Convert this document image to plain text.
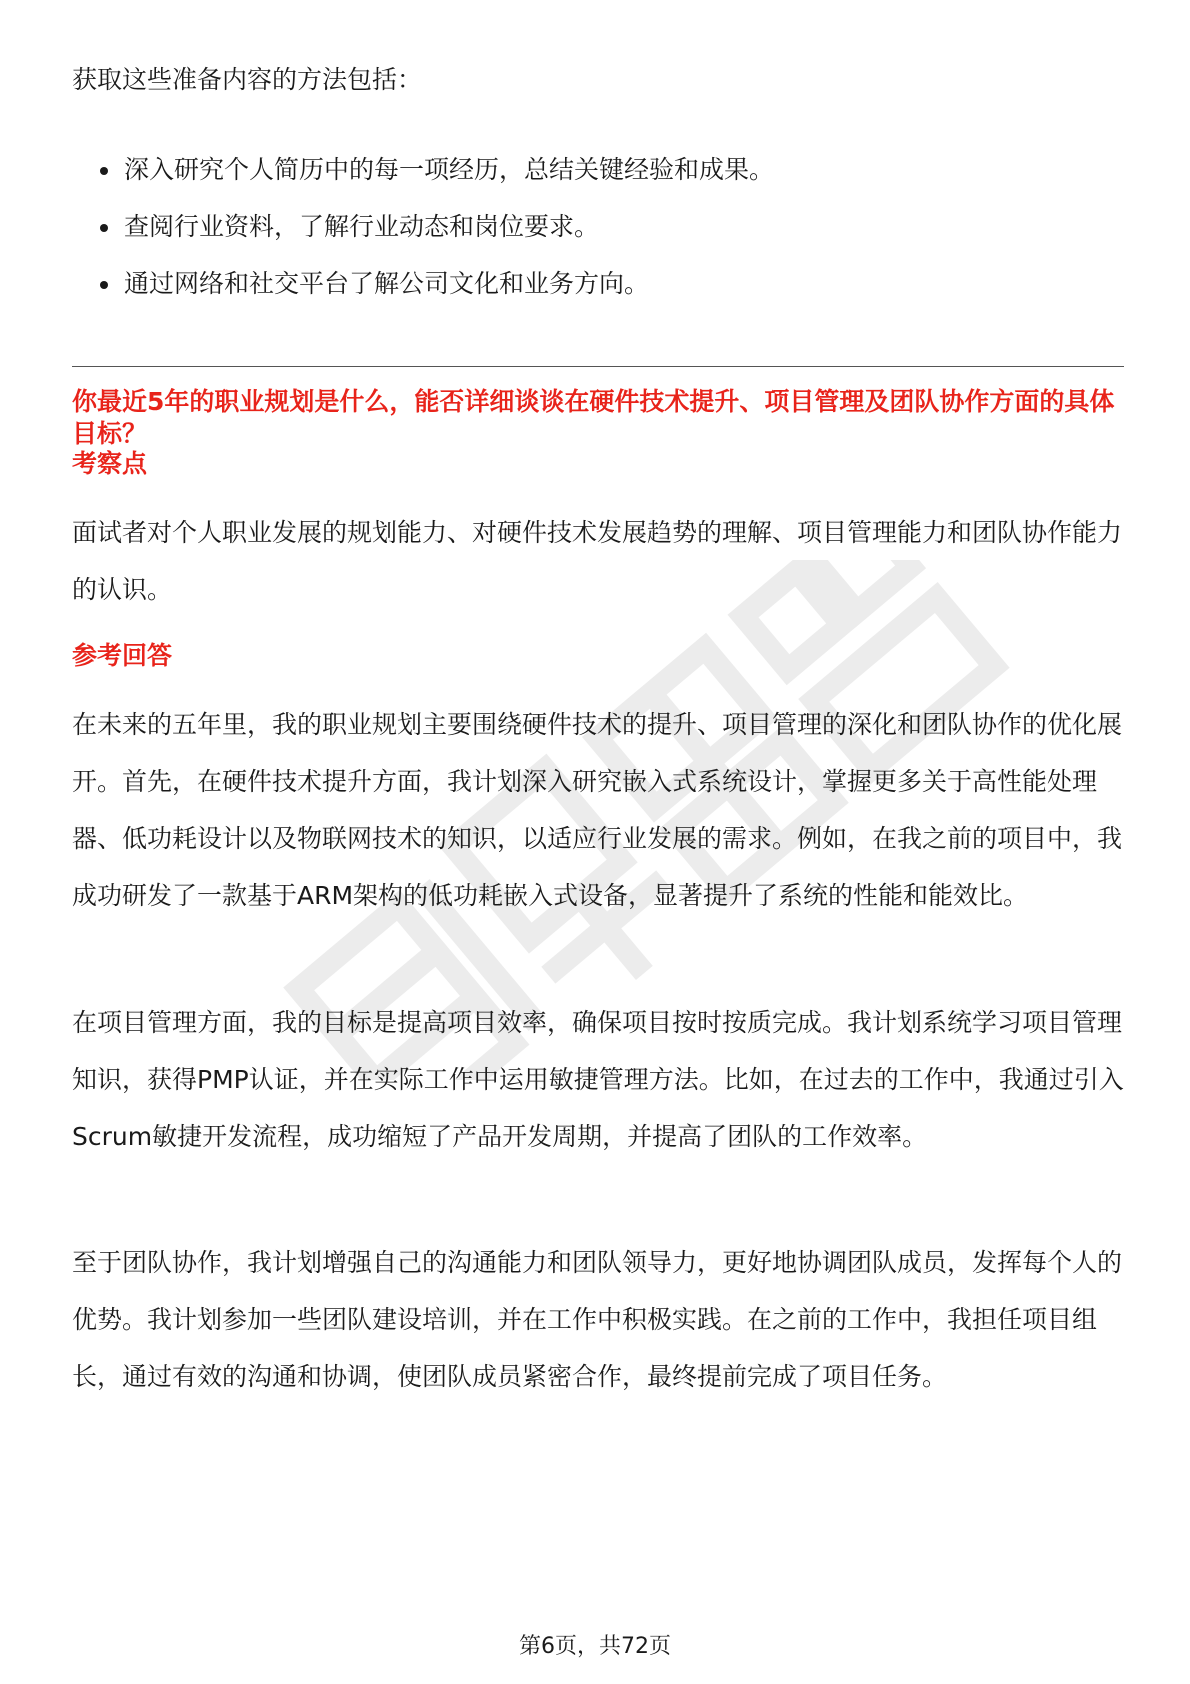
获取这些准备内容的方法包括：

深入研究个人简历中的每一项经历，总结关键经验和成果。
查阅行业资料，了解行业动态和岗位要求。
通过网络和社交平台了解公司文化和业务方向。

你最近5年的职业规划是什么，能否详细谈谈在硬件技术提升、项目管理及团队协作方面的具体目标？

考察点

面试者对个人职业发展的规划能力、对硬件技术发展趋势的理解、项目管理能力和团队协作能力的认识。

参考回答

在未来的五年里，我的职业规划主要围绕硬件技术的提升、项目管理的深化和团队协作的优化展开。首先，在硬件技术提升方面，我计划深入研究嵌入式系统设计，掌握更多关于高性能处理器、低功耗设计以及物联网技术的知识，以适应行业发展的需求。例如，在我之前的项目中，我成功研发了一款基于ARM架构的低功耗嵌入式设备，显著提升了系统的性能和能效比。

在项目管理方面，我的目标是提高项目效率，确保项目按时按质完成。我计划系统学习项目管理知识，获得PMP认证，并在实际工作中运用敏捷管理方法。比如，在过去的工作中，我通过引入Scrum敏捷开发流程，成功缩短了产品开发周期，并提高了团队的工作效率。

至于团队协作，我计划增强自己的沟通能力和团队领导力，更好地协调团队成员，发挥每个人的优势。我计划参加一些团队建设培训，并在工作中积极实践。在之前的工作中，我担任项目组长，通过有效的沟通和协调，使团队成员紧密合作，最终提前完成了项目任务。

第6页，共72页
